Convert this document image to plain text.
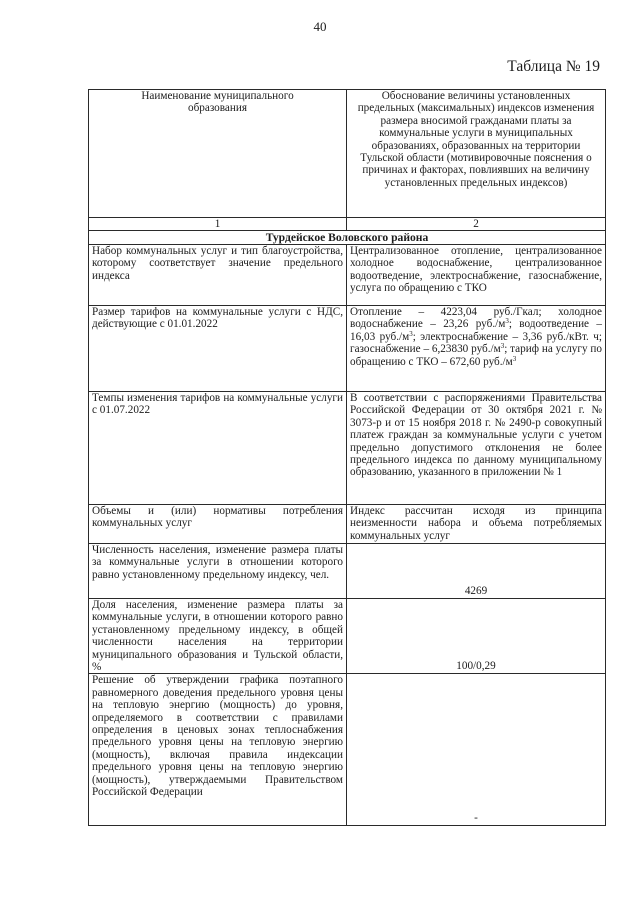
40
Таблица № 19
Наименование муниципального образования	Обоснование величины установленных предельных (максимальных) индексов изменения размера вносимой гражданами платы за коммунальные услуги в муниципальных образованиях, образованных на территории Тульской области (мотивировочные пояснения о причинах и факторах, повлиявших на величину установленных предельных индексов)
1	2
Турдейское Воловского района	
Набор коммунальных услуг и тип благоустройства, которому соответствует значение предельного индекса	Централизованное отопление, централизованное холодное водоснабжение, централизованное водоотведение, электроснабжение, газоснабжение, услуга по обращению с ТКО
Размер тарифов на коммунальные услуги с НДС, действующие с 01.01.2022	Отопление – 4223,04 руб./Гкал; холодное водоснабжение – 23,26 $руб./м^3$; водоотведение – 16,03 $руб./м^3$; электроснабжение – 3,36 руб./кВт. ч; газоснабжение – 6,23830 $руб./м^3$; тариф на услугу по обращению с ТКО – 672,60 $руб./м^3$
Темпы изменения тарифов на коммунальные услуги с 01.07.2022	В соответствии с распоряжениями Правительства Российской Федерации от 30 октября 2021 г. № 3073-р и от 15 ноября 2018 г. № 2490-р совокупный платеж граждан за коммунальные услуги с учетом предельно допустимого отклонения не более предельного индекса по данному муниципальному образованию, указанного в приложении № 1
Объемы и (или) нормативы потребления коммунальных услуг	Индекс рассчитан исходя из принципа неизменности набора и объема потребляемых коммунальных услуг
Численность населения, изменение размера платы за коммунальные услуги в отношении которого равно установленному предельному индексу, чел.	4269
Доля населения, изменение размера платы за коммунальные услуги, в отношении которого равно установленному предельному индексу, в общей численности населения на территории муниципального образования и Тульской области, %	100/0,29
Решение об утверждении графика поэтапного равномерного доведения предельного уровня цены на тепловую энергию (мощность) до уровня, определяемого в соответствии с правилами определения в ценовых зонах теплоснабжения предельного уровня цены на тепловую энергию (мощность), включая правила индексации предельного уровня цены на тепловую энергию (мощность), утверждаемыми Правительством Российской Федерации	-
